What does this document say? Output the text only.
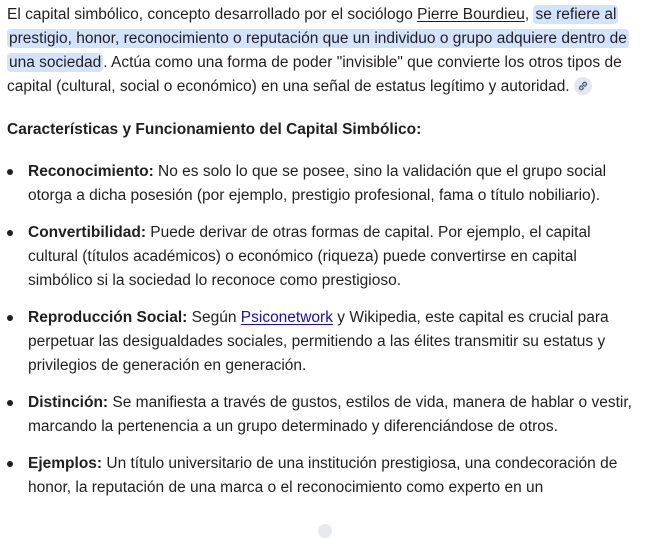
El capital simbólico, concepto desarrollado por el sociólogo Pierre Bourdieu, se refiere al prestigio, honor, reconocimiento o reputación que un individuo o grupo adquiere dentro de una sociedad . Actúa como una forma de poder "invisible" que convierte los otros tipos de capital (cultural, social o económico) en una señal de estatus legítimo y autoridad.

Características y Funcionamiento del Capital Simbólico:
Reconocimiento: No es solo lo que se posee, sino la validación que el grupo social otorga a dicha posesión (por ejemplo, prestigio profesional, fama o título nobiliario).
Convertibilidad: Puede derivar de otras formas de capital. Por ejemplo, el capital cultural (títulos académicos) o económico (riqueza) puede convertirse en capital simbólico si la sociedad lo reconoce como prestigioso.
Reproducción Social: Según Psiconetwork y Wikipedia, este capital es crucial para perpetuar las desigualdades sociales, permitiendo a las élites transmitir su estatus y privilegios de generación en generación.
Distinción: Se manifiesta a través de gustos, estilos de vida, manera de hablar o vestir, marcando la pertenencia a un grupo determinado y diferenciándose de otros.
Ejemplos: Un título universitario de una institución prestigiosa, una condecoración de honor, la reputación de una marca o el reconocimiento como experto en un
